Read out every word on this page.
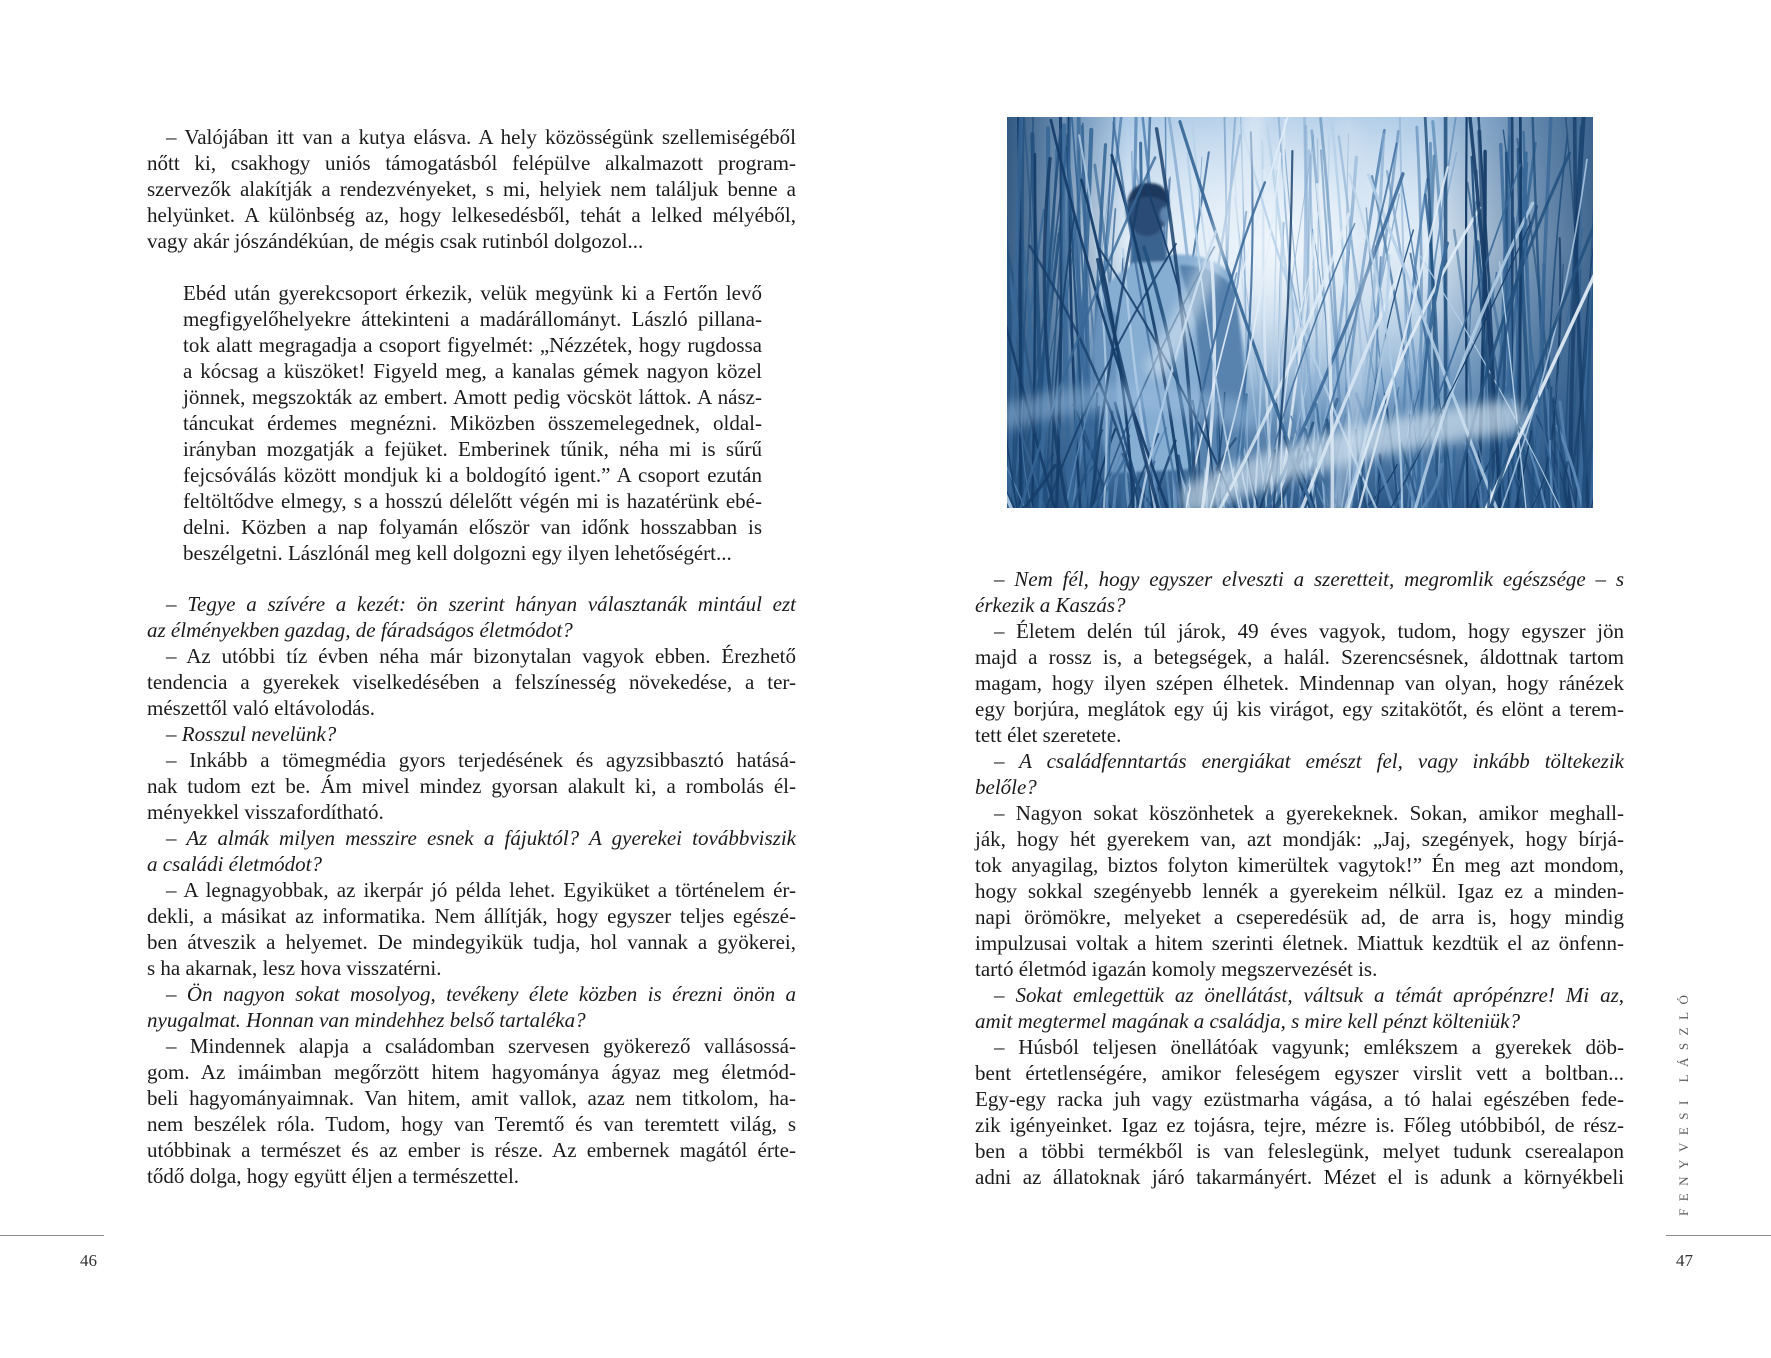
– Valójában itt van a kutya elásva. A hely közösségünk szellemiségéből
nőtt ki, csakhogy uniós támogatásból felépülve alkalmazott program-
szervezők alakítják a rendezvényeket, s mi, helyiek nem találjuk benne a
helyünket. A különbség az, hogy lelkesedésből, tehát a lelked mélyéből,
vagy akár jószándékúan, de mégis csak rutinból dolgozol...
Ebéd után gyerekcsoport érkezik, velük megyünk ki a Fertőn levő
megfigyelőhelyekre áttekinteni a madárállományt. László pillana-
tok alatt megragadja a csoport figyelmét: „Nézzétek, hogy rugdossa
a kócsag a küszöket! Figyeld meg, a kanalas gémek nagyon közel
jönnek, megszokták az embert. Amott pedig vöcsköt láttok. A nász-
táncukat érdemes megnézni. Miközben összemelegednek, oldal-
irányban mozgatják a fejüket. Emberinek tűnik, néha mi is sűrű
fejcsóválás között mondjuk ki a boldogító igent.” A csoport ezután
feltöltődve elmegy, s a hosszú délelőtt végén mi is hazatérünk ebé-
delni. Közben a nap folyamán először van időnk hosszabban is
beszélgetni. Lászlónál meg kell dolgozni egy ilyen lehetőségért...
– Tegye a szívére a kezét: ön szerint hányan választanák mintául ezt
az élményekben gazdag, de fáradságos életmódot?
– Az utóbbi tíz évben néha már bizonytalan vagyok ebben. Érezhető
tendencia a gyerekek viselkedésében a felszínesség növekedése, a ter-
mészettől való eltávolodás.
– Rosszul nevelünk?
– Inkább a tömegmédia gyors terjedésének és agyzsibbasztó hatásá-
nak tudom ezt be. Ám mivel mindez gyorsan alakult ki, a rombolás él-
ményekkel visszafordítható.
– Az almák milyen messzire esnek a fájuktól? A gyerekei továbbviszik
a családi életmódot?
– A legnagyobbak, az ikerpár jó példa lehet. Egyiküket a történelem ér-
dekli, a másikat az informatika. Nem állítják, hogy egyszer teljes egészé-
ben átveszik a helyemet. De mindegyikük tudja, hol vannak a gyökerei,
s ha akarnak, lesz hova visszatérni.
– Ön nagyon sokat mosolyog, tevékeny élete közben is érezni önön a
nyugalmat. Honnan van mindehhez belső tartaléka?
– Mindennek alapja a családomban szervesen gyökerező vallásossá-
gom. Az imáimban megőrzött hitem hagyománya ágyaz meg életmód-
beli hagyományaimnak. Van hitem, amit vallok, azaz nem titkolom, ha-
nem beszélek róla. Tudom, hogy van Teremtő és van teremtett világ, s
utóbbinak a természet és az ember is része. Az embernek magától érte-
tődő dolga, hogy együtt éljen a természettel.
46
– Nem fél, hogy egyszer elveszti a szeretteit, megromlik egészsége – s
érkezik a Kaszás?
– Életem delén túl járok, 49 éves vagyok, tudom, hogy egyszer jön
majd a rossz is, a betegségek, a halál. Szerencsésnek, áldottnak tartom
magam, hogy ilyen szépen élhetek. Mindennap van olyan, hogy ránézek
egy borjúra, meglátok egy új kis virágot, egy szitakötőt, és elönt a terem-
tett élet szeretete.
– A családfenntartás energiákat emészt fel, vagy inkább töltekezik
belőle?
– Nagyon sokat köszönhetek a gyerekeknek. Sokan, amikor meghall-
ják, hogy hét gyerekem van, azt mondják: „Jaj, szegények, hogy bírjá-
tok anyagilag, biztos folyton kimerültek vagytok!” Én meg azt mondom,
hogy sokkal szegényebb lennék a gyerekeim nélkül. Igaz ez a minden-
napi örömökre, melyeket a cseperedésük ad, de arra is, hogy mindig
impulzusai voltak a hitem szerinti életnek. Miattuk kezdtük el az önfenn-
tartó életmód igazán komoly megszervezését is.
– Sokat emlegettük az önellátást, váltsuk a témát aprópénzre! Mi az,
amit megtermel magának a családja, s mire kell pénzt költeniük?
– Húsból teljesen önellátóak vagyunk; emlékszem a gyerekek döb-
bent értetlenségére, amikor feleségem egyszer virslit vett a boltban...
Egy-egy racka juh vagy ezüstmarha vágása, a tó halai egészében fede-
zik igényeinket. Igaz ez tojásra, tejre, mézre is. Főleg utóbbiból, de rész-
ben a többi termékből is van feleslegünk, melyet tudunk cserealapon
adni az állatoknak járó takarmányért. Mézet el is adunk a környékbeli	FENYVESI LÁSZLÓ
47
